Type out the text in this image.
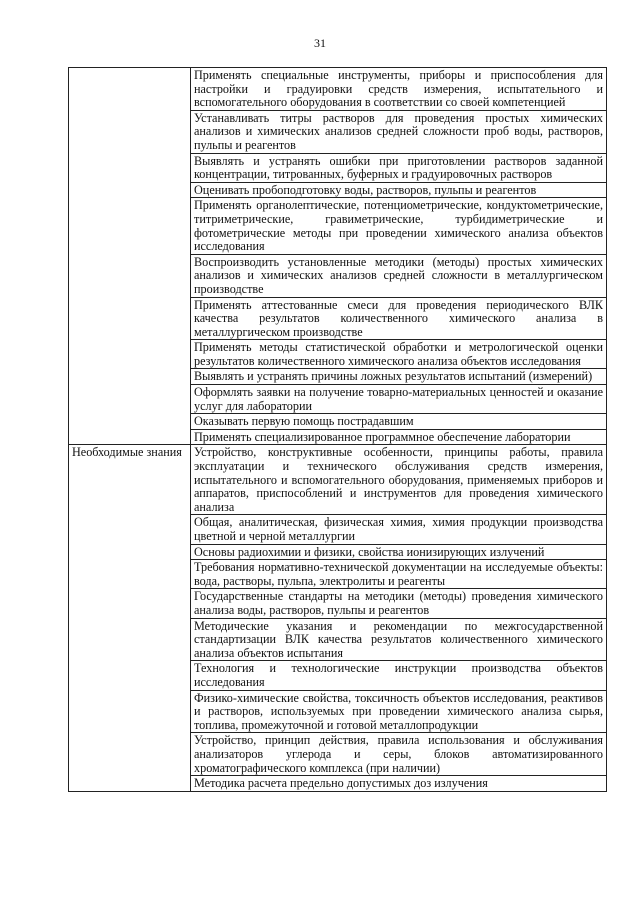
31
	Применять специальные инструменты, приборы и приспособления для настройки и градуировки средств измерения, испытательного и вспомогательного оборудования в соответствии со своей компетенцией
	Устанавливать титры растворов для проведения простых химических анализов и химических анализов средней сложности проб воды, растворов, пульпы и реагентов
	Выявлять и устранять ошибки при приготовлении растворов заданной концентрации, титрованных, буферных и градуировочных растворов
	Оценивать пробоподготовку воды, растворов, пульпы и реагентов
	Применять органолептические, потенциометрические, кондуктометрические, титриметрические, гравиметрические, турбидиметрические и фотометрические методы при проведении химического анализа объектов исследования
	Воспроизводить установленные методики (методы) простых химических анализов и химических анализов средней сложности в металлургическом производстве
	Применять аттестованные смеси для проведения периодического ВЛК качества результатов количественного химического анализа в металлургическом производстве
	Применять методы статистической обработки и метрологической оценки результатов количественного химического анализа объектов исследования
	Выявлять и устранять причины ложных результатов испытаний (измерений)
	Оформлять заявки на получение товарно-материальных ценностей и оказание услуг для лаборатории
	Оказывать первую помощь пострадавшим
	Применять специализированное программное обеспечение лаборатории
Необходимые знания	Устройство, конструктивные особенности, принципы работы, правила эксплуатации и технического обслуживания средств измерения, испытательного и вспомогательного оборудования, применяемых приборов и аппаратов, приспособлений и инструментов для проведения химического анализа
	Общая, аналитическая, физическая химия, химия продукции производства цветной и черной металлургии
	Основы радиохимии и физики, свойства ионизирующих излучений
	Требования нормативно-технической документации на исследуемые объекты: вода, растворы, пульпа, электролиты и реагенты
	Государственные стандарты на методики (методы) проведения химического анализа воды, растворов, пульпы и реагентов
	Методические указания и рекомендации по межгосударственной стандартизации ВЛК качества результатов количественного химического анализа объектов испытания
	Технология и технологические инструкции производства объектов исследования
	Физико-химические свойства, токсичность объектов исследования, реактивов и растворов, используемых при проведении химического анализа сырья, топлива, промежуточной и готовой металлопродукции
	Устройство, принцип действия, правила использования и обслуживания анализаторов углерода и серы, блоков автоматизированного хроматографического комплекса (при наличии)
	Методика расчета предельно допустимых доз излучения
